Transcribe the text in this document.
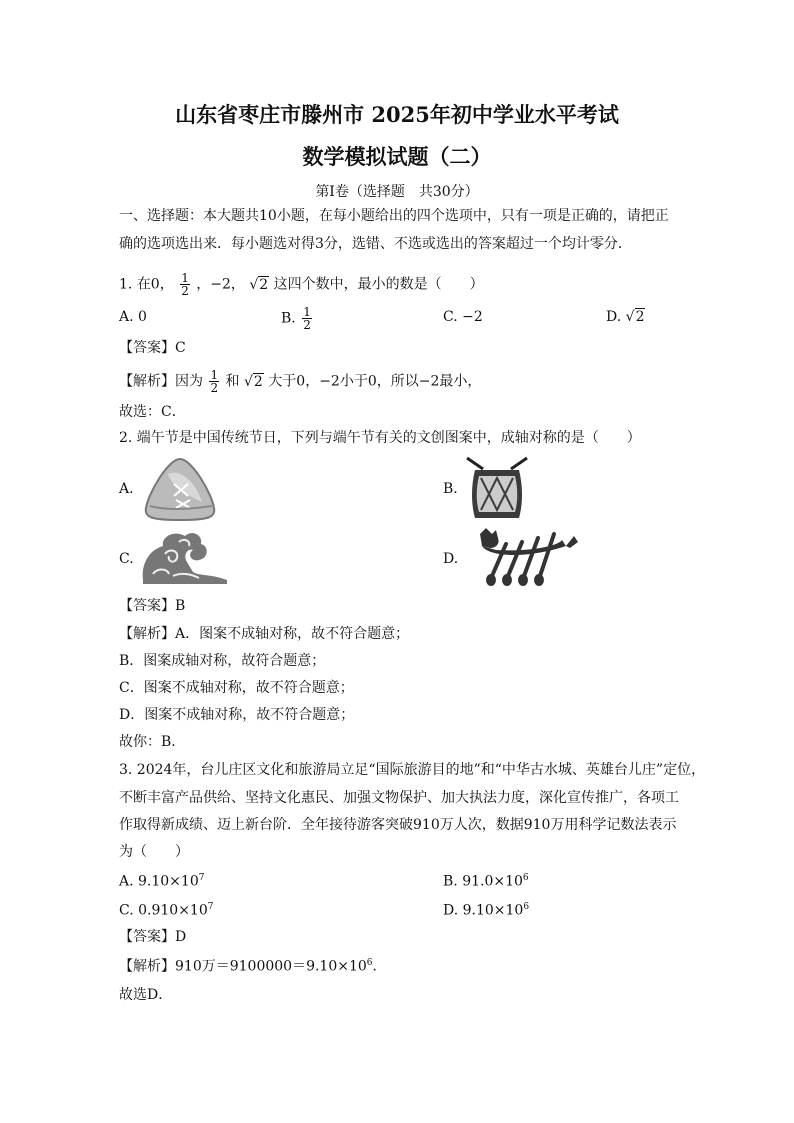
山东省枣庄市滕州市 2025年初中学业水平考试
数学模拟试题（二）
第Ⅰ卷（选择题　共30分）
一、选择题：本大题共10小题，在每小题给出的四个选项中，只有一项是正确的，请把正
确的选项选出来．每小题选对得3分，选错、不选或选出的答案超过一个均计零分．
1. 在0， $\frac{1}{2}$ ，−2， √2 这四个数中，最小的数是（　　）
A. 0	B. $\frac{1}{2}$	C. −2	D. √2
【答案】C
【解析】因为 $\frac{1}{2}$ 和 √2 大于0，−2小于0，所以−2最小，
故选：C．
2. 端午节是中国传统节日，下列与端午节有关的文创图案中，成轴对称的是（　　）
A.	B.
C.	D.
【答案】B
【解析】A．图案不成轴对称，故不符合题意；
B．图案成轴对称，故符合题意；
C．图案不成轴对称，故不符合题意；
D．图案不成轴对称，故不符合题意；
故你：B．
3. 2024年，台儿庄区文化和旅游局立足“国际旅游目的地”和“中华古水城、英雄台儿庄”定位，
不断丰富产品供给、坚持文化惠民、加强文物保护、加大执法力度，深化宣传推广，各项工
作取得新成绩、迈上新台阶．全年接待游客突破910万人次，数据910万用科学记数法表示
为（　　）
A. $9.10\times 10^7$	B. $91.0\times 10^6$
C. $0.910\times 10^7$	D. $9.10\times 10^6$
【答案】D
【解析】910万$=9100000=9.10\times 10^6$．
故选D．
